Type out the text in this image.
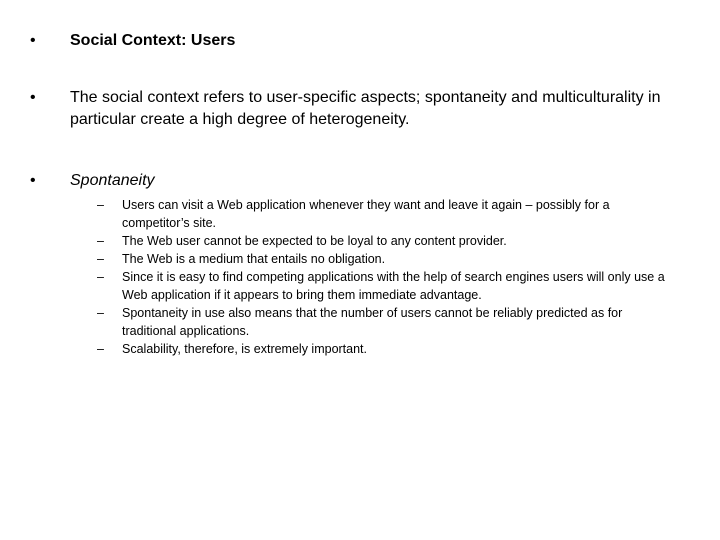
•	Social Context: Users
•	The social context refers to user-specific aspects; spontaneity and multiculturality in particular create a high degree of heterogeneity.
•	Spontaneity
–	Users can visit a Web application whenever they want and leave it again – possibly for a competitor’s site.
–	The Web user cannot be expected to be loyal to any content provider.
–	The Web is a medium that entails no obligation.
–	Since it is easy to find competing applications with the help of search engines users will only use a Web application if it appears to bring them immediate advantage.
–	Spontaneity in use also means that the number of users cannot be reliably predicted as for traditional applications.
–	Scalability, therefore, is extremely important.
